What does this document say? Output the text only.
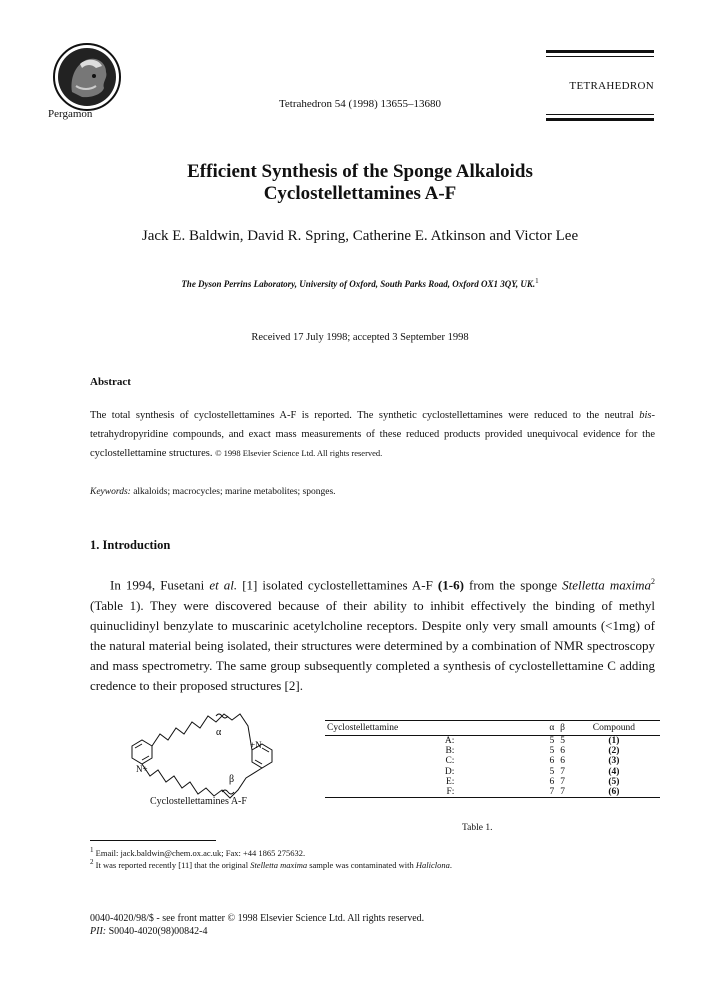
Pergamon
Tetrahedron 54 (1998) 13655–13680
TETRAHEDRON
Efficient Synthesis of the Sponge Alkaloids
Cyclostellettamines A-F
Jack E. Baldwin, David R. Spring, Catherine E. Atkinson and Victor Lee
The Dyson Perrins Laboratory, University of Oxford, South Parks Road, Oxford OX1 3QY, UK.$^1$
Received 17 July 1998; accepted 3 September 1998
Abstract
The total synthesis of cyclostellettamines A-F is reported. The synthetic cyclostellettamines were reduced to the neutral bis-tetrahydropyridine compounds, and exact mass measurements of these reduced products provided unequivocal evidence for the cyclostellettamine structures. © 1998 Elsevier Science Ltd. All rights reserved.
Keywords: alkaloids; macrocycles; marine metabolites; sponges.
1. Introduction

In 1994, Fusetani et al. [1] isolated cyclostellettamines A-F (1-6) from the sponge Stelletta maxima$^2$ (Table 1). They were discovered because of their ability to inhibit effectively the binding of methyl quinuclidinyl benzylate to muscarinic acetylcholine receptors. Despite only very small amounts (<1mg) of the natural material being isolated, their structures were determined by a combination of NMR spectroscopy and mass spectrometry. The same group subsequently completed a synthesis of cyclostellettamine C adding credence to their proposed structures [2].

α
β
+N
N+
Cyclostellettamines A-F
Cyclostellettamine	α	β	Compound
A:	5	5	(1)
B:	5	6	(2)
C:	6	6	(3)
D:	5	7	(4)
E:	6	7	(5)
F:	7	7	(6)
Table 1.
$^1$ Email: jack.baldwin@chem.ox.ac.uk; Fax: +44 1865 275632.
$^2$ It was reported recently [11] that the original Stelletta maxima sample was contaminated with Haliclona.
0040-4020/98/$ - see front matter © 1998 Elsevier Science Ltd. All rights reserved.
PII: S0040-4020(98)00842-4
